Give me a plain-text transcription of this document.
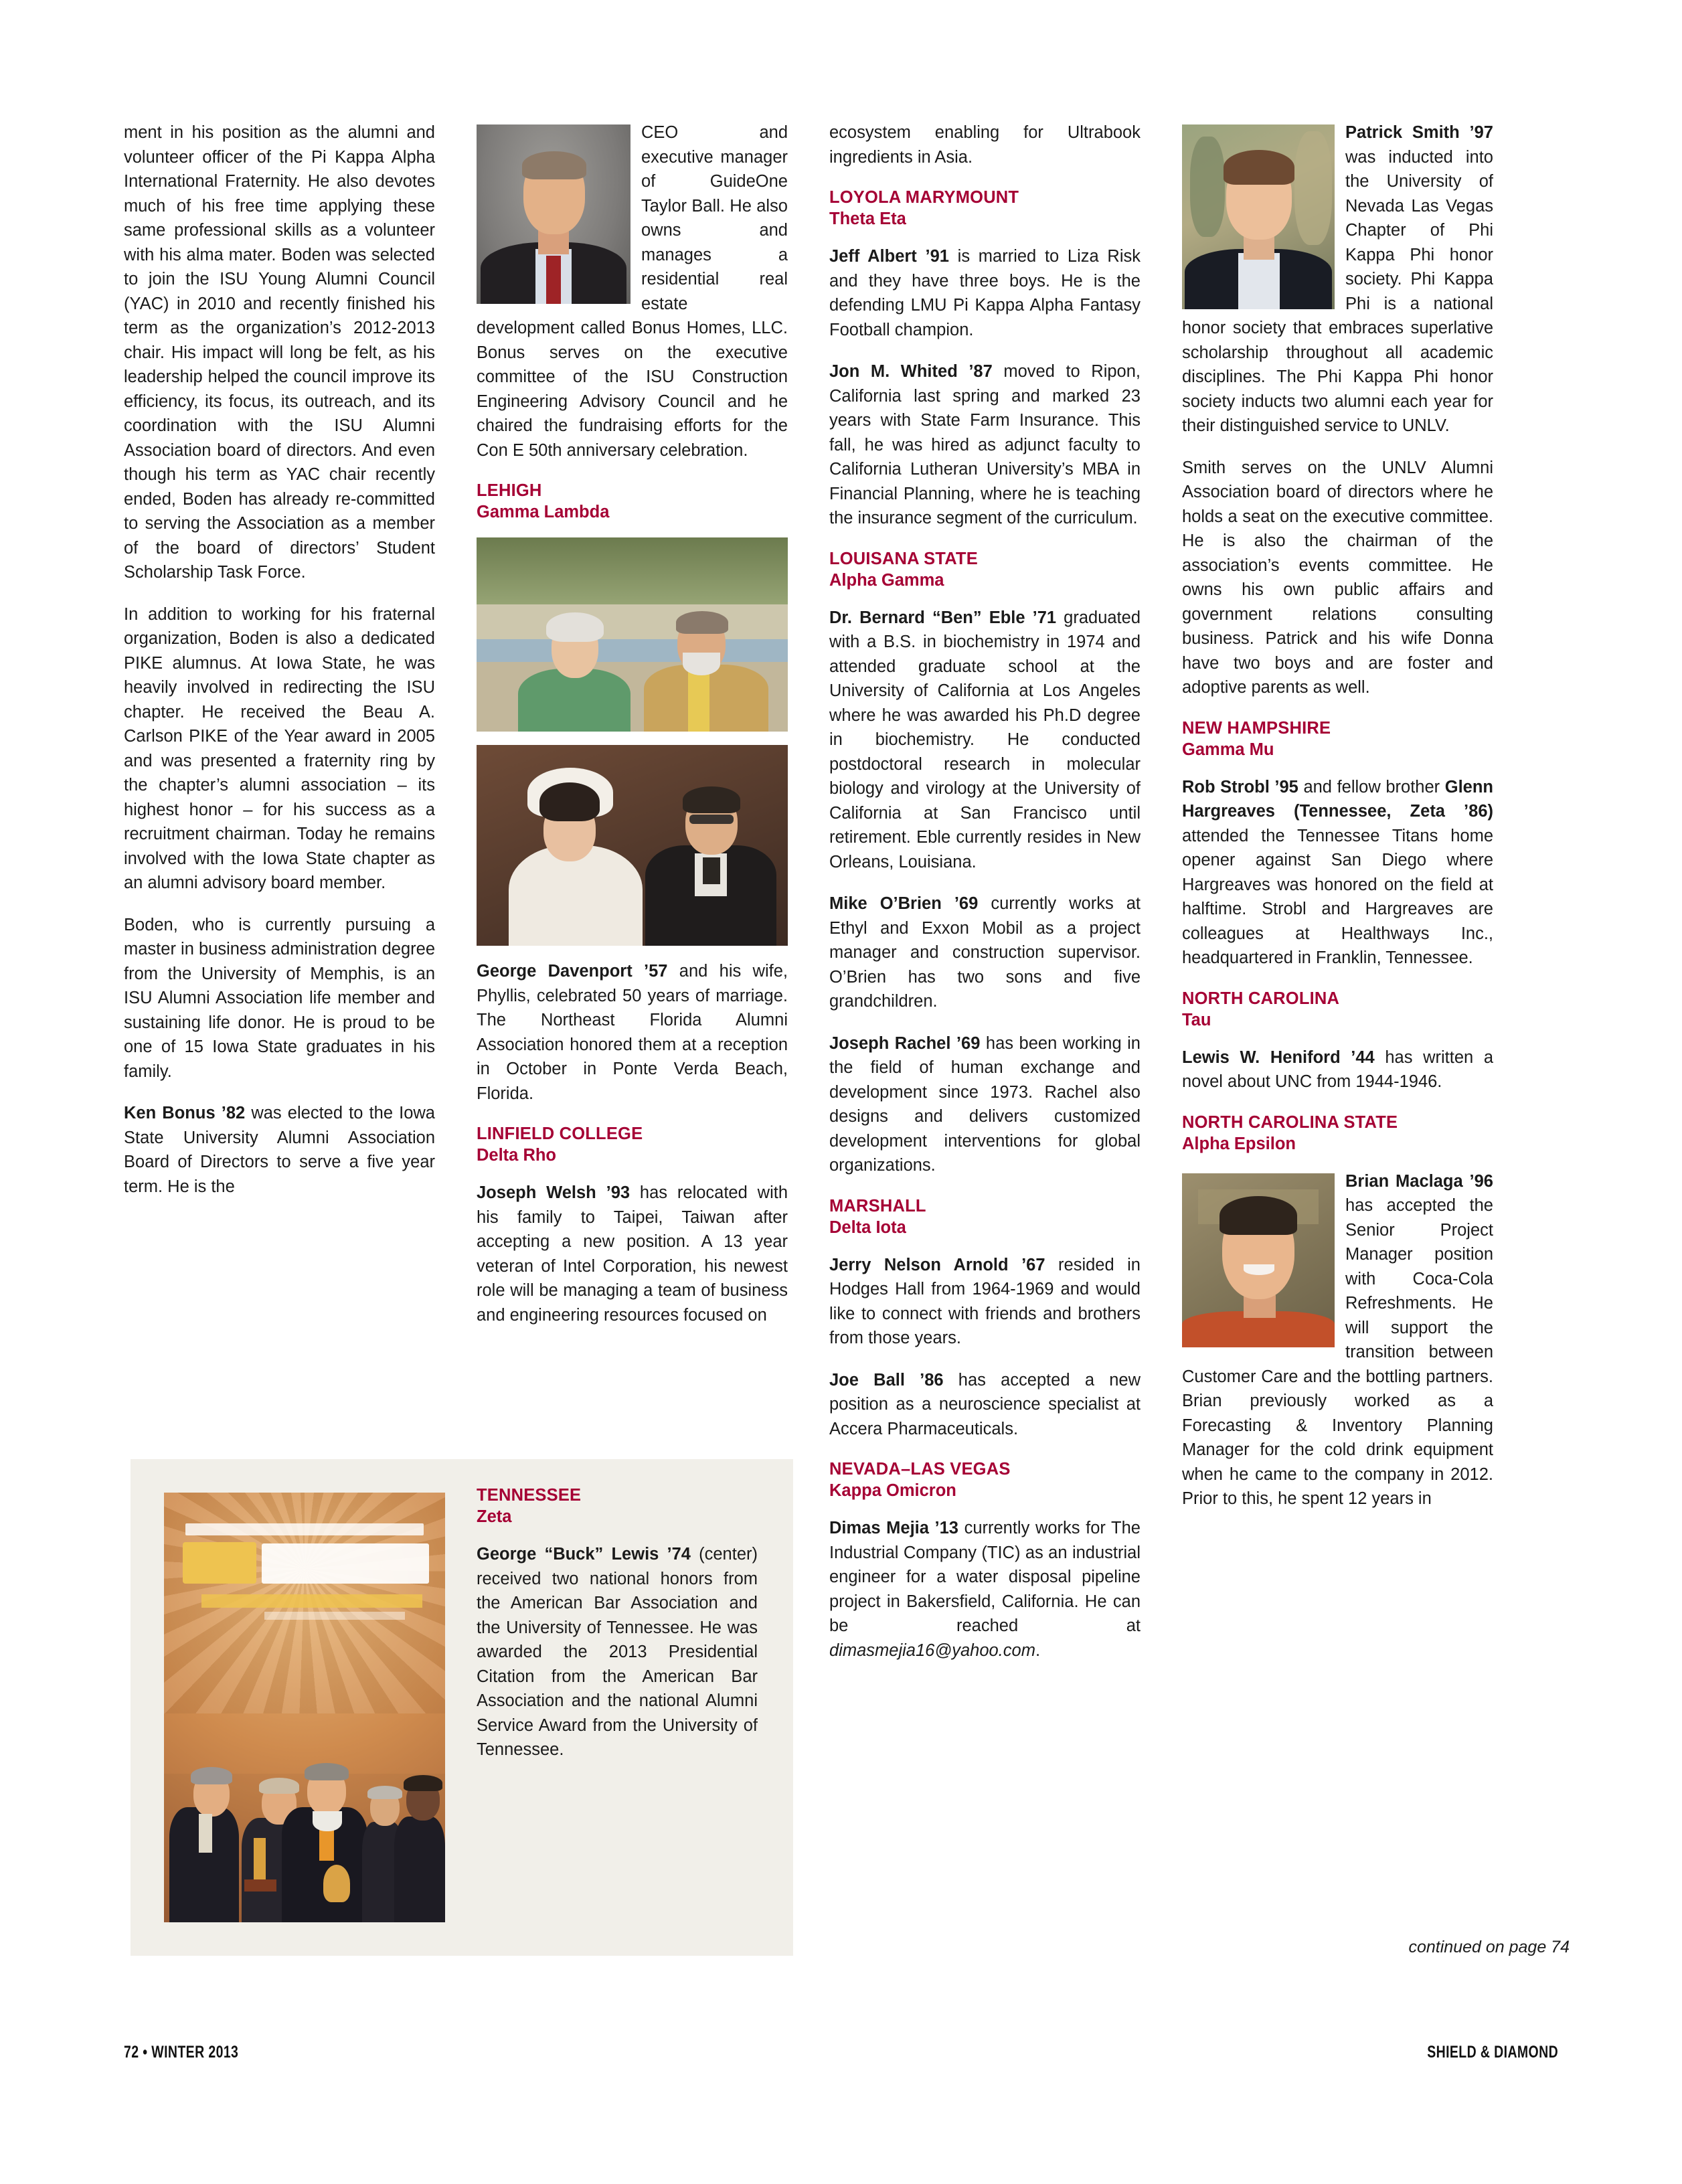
ment in his position as the alumni and volunteer officer of the Pi Kappa Alpha International Fraternity. He also devotes much of his free time applying these same professional skills as a volunteer with his alma mater. Boden was selected to join the ISU Young Alumni Council (YAC) in 2010 and recently finished his term as the organization’s 2012-2013 chair. His impact will long be felt, as his leadership helped the council improve its efficiency, its focus, its outreach, and its coordination with the ISU Alumni Association board of directors. And even though his term as YAC chair recently ended, Boden has already re-committed to serving the Association as a member of the board of directors’ Student Scholarship Task Force.

In addition to working for his fraternal organization, Boden is also a dedicated PIKE alumnus. At Iowa State, he was heavily involved in redirecting the ISU chapter. He received the Beau A. Carlson PIKE of the Year award in 2005 and was presented a fraternity ring by the chapter’s alumni association – its highest honor – for his success as a recruitment chairman. Today he remains involved with the Iowa State chapter as an alumni advisory board member.

Boden, who is currently pursuing a master in business administration degree from the University of Memphis, is an ISU Alumni Association life member and sustaining life donor. He is proud to be one of 15 Iowa State graduates in his family.

Ken Bonus ’82 was elected to the Iowa State University Alumni Association Board of Directors to serve a five year term. He is the

CEO and executive manager of GuideOne Taylor Ball. He also owns and manages a residential real estate development called Bonus Homes, LLC. Bonus serves on the executive committee of the ISU Construction Engineering Advisory Council and he chaired the fundraising efforts for the Con E 50th anniversary celebration.

LEHIGH
Gamma Lambda

George Davenport ’57 and his wife, Phyllis, celebrated 50 years of marriage. The Northeast Florida Alumni Association honored them at a reception in October in Ponte Verda Beach, Florida.

LINFIELD COLLEGE
Delta Rho

Joseph Welsh ’93 has relocated with his family to Taipei, Taiwan after accepting a new position. A 13 year veteran of Intel Corporation, his newest role will be managing a team of business and engineering resources focused on

ecosystem enabling for Ultrabook ingredients in Asia.

LOYOLA MARYMOUNT
Theta Eta

Jeff Albert ’91 is married to Liza Risk and they have three boys. He is the defending LMU Pi Kappa Alpha Fantasy Football champion.

Jon M. Whited ’87 moved to Ripon, California last spring and marked 23 years with State Farm Insurance. This fall, he was hired as adjunct faculty to California Lutheran University’s MBA in Financial Planning, where he is teaching the insurance segment of the curriculum.

LOUISANA STATE
Alpha Gamma

Dr. Bernard “Ben” Eble ’71 graduated with a B.S. in biochemistry in 1974 and attended graduate school at the University of California at Los Angeles where he was awarded his Ph.D degree in biochemistry. He conducted postdoctoral research in molecular biology and virology at the University of California at San Francisco until retirement. Eble currently resides in New Orleans, Louisiana.

Mike O’Brien ’69 currently works at Ethyl and Exxon Mobil as a project manager and construction supervisor. O’Brien has two sons and five grandchildren.

Joseph Rachel ’69 has been working in the field of human exchange and development since 1973. Rachel also designs and delivers customized development interventions for global organizations.

MARSHALL
Delta Iota

Jerry Nelson Arnold ’67 resided in Hodges Hall from 1964-1969 and would like to connect with friends and brothers from those years.

Joe Ball ’86 has accepted a new position as a neuroscience specialist at Accera Pharmaceuticals.

NEVADA–LAS VEGAS
Kappa Omicron

Dimas Mejia ’13 currently works for The Industrial Company (TIC) as an industrial engineer for a water disposal pipeline project in Bakersfield, California. He can be reached at dimasmejia16@yahoo.com.

Patrick Smith ’97 was inducted into the University of Nevada Las Vegas Chapter of Phi Kappa Phi honor society. Phi Kappa Phi is a national honor society that embraces superlative scholarship throughout all academic disciplines. The Phi Kappa Phi honor society inducts two alumni each year for their distinguished service to UNLV.

Smith serves on the UNLV Alumni Association board of directors where he holds a seat on the executive committee. He is also the chairman of the association’s events committee. He owns his own public affairs and government relations consulting business. Patrick and his wife Donna have two boys and are foster and adoptive parents as well.

NEW HAMPSHIRE
Gamma Mu

Rob Strobl ’95 and fellow brother Glenn Hargreaves (Tennessee, Zeta ’86) attended the Tennessee Titans home opener against San Diego where Hargreaves was honored on the field at halftime. Strobl and Hargreaves are colleagues at Healthways Inc., headquartered in Franklin, Tennessee.

NORTH CAROLINA
Tau

Lewis W. Heniford ’44 has written a novel about UNC from 1944-1946.

NORTH CAROLINA STATE
Alpha Epsilon

Brian Maclaga ’96 has accepted the Senior Project Manager position with Coca-Cola Refreshments. He will support the transition between Customer Care and the bottling partners. Brian previously worked as a Forecasting & Inventory Planning Manager for the cold drink equipment when he came to the company in 2012. Prior to this, he spent 12 years in

TENNESSEE
Zeta

George “Buck” Lewis ’74 (center) received two national honors from the American Bar Association and the University of Tennessee. He was awarded the 2013 Presidential Citation from the American Bar Association and the national Alumni Service Award from the University of Tennessee.

continued on page 74
72 • WINTER 2013	SHIELD & DIAMOND
